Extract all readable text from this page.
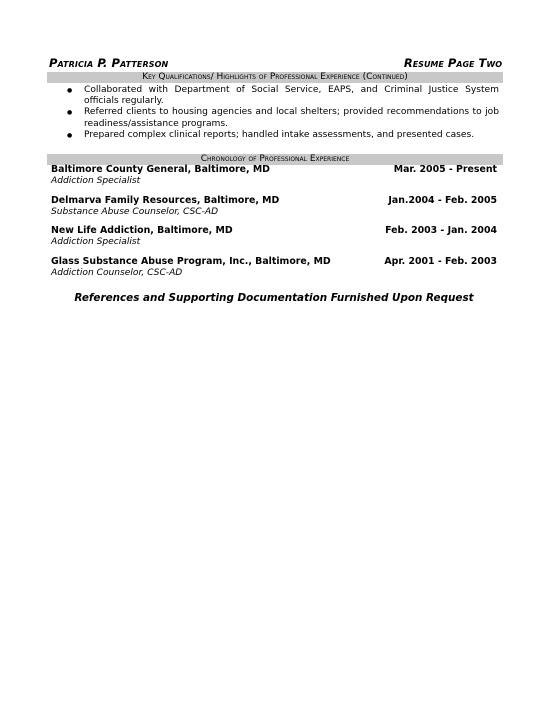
Patricia P. Patterson	Resume Page Two
Key Qualifications/ Highlights of Professional Experience (Continued)
● Collaborated with Department of Social Service, EAPS, and Criminal Justice System officials regularly.
● Referred clients to housing agencies and local shelters; provided recommendations to job readiness/assistance programs.
● Prepared complex clinical reports; handled intake assessments, and presented cases.
Chronology of Professional Experience
Baltimore County General, Baltimore, MD	Mar. 2005 - Present
Addiction Specialist
Delmarva Family Resources, Baltimore, MD	Jan.2004 - Feb. 2005
Substance Abuse Counselor, CSC-AD
New Life Addiction, Baltimore, MD	Feb. 2003 - Jan. 2004
Addiction Specialist
Glass Substance Abuse Program, Inc., Baltimore, MD	Apr. 2001 - Feb. 2003
Addiction Counselor, CSC-AD
References and Supporting Documentation Furnished Upon Request
